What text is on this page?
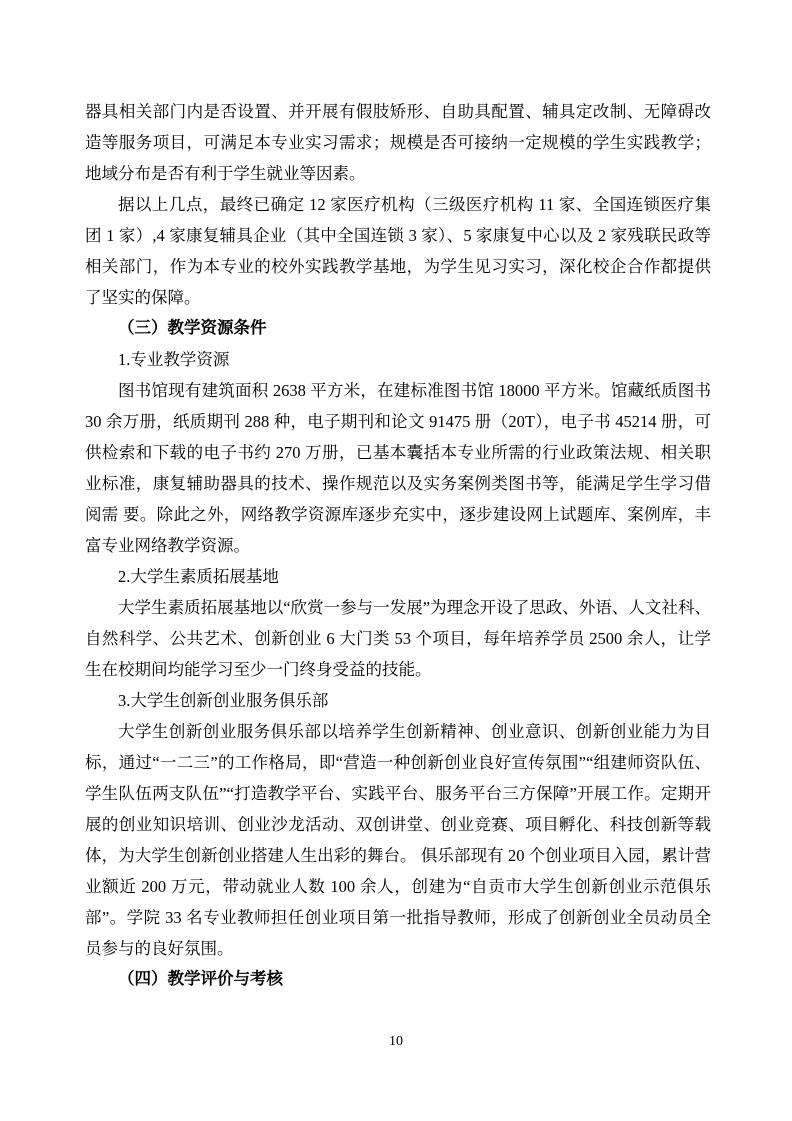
器具相关部门内是否设置、并开展有假肢矫形、自助具配置、辅具定改制、无障碍改造等服务项目，可满足本专业实习需求；规模是否可接纳一定规模的学生实践教学；地域分布是否有利于学生就业等因素。

据以上几点，最终已确定 12 家医疗机构（三级医疗机构 11 家、全国连锁医疗集团 1 家）,4 家康复辅具企业（其中全国连锁 3 家）、5 家康复中心以及 2 家残联民政等相关部门，作为本专业的校外实践教学基地，为学生见习实习，深化校企合作都提供了坚实的保障。

（三）教学资源条件

1.专业教学资源

图书馆现有建筑面积 2638 平方米，在建标准图书馆 18000 平方米。馆藏纸质图书 30 余万册，纸质期刊 288 种，电子期刊和论文 91475 册（20T），电子书 45214 册，可供检索和下载的电子书约 270 万册，已基本囊括本专业所需的行业政策法规、相关职业标准，康复辅助器具的技术、操作规范以及实务案例类图书等，能满足学生学习借阅需 要。除此之外，网络教学资源库逐步充实中，逐步建设网上试题库、案例库，丰富专业网络教学资源。

2.大学生素质拓展基地

大学生素质拓展基地以“欣赏一参与一发展”为理念开设了思政、外语、人文社科、自然科学、公共艺术、创新创业 6 大门类 53 个项目，每年培养学员 2500 余人，让学生在校期间均能学习至少一门终身受益的技能。

3.大学生创新创业服务俱乐部

大学生创新创业服务俱乐部以培养学生创新精神、创业意识、创新创业能力为目标，通过“一二三”的工作格局，即“营造一种创新创业良好宣传氛围”“组建师资队伍、学生队伍两支队伍”“打造教学平台、实践平台、服务平台三方保障”开展工作。定期开展的创业知识培训、创业沙龙活动、双创讲堂、创业竞赛、项目孵化、科技创新等载体，为大学生创新创业搭建人生出彩的舞台。 俱乐部现有 20 个创业项目入园，累计营业额近 200 万元，带动就业人数 100 余人，创建为“自贡市大学生创新创业示范俱乐部”。学院 33 名专业教师担任创业项目第一批指导教师，形成了创新创业全员动员全员参与的良好氛围。

（四）教学评价与考核
10
